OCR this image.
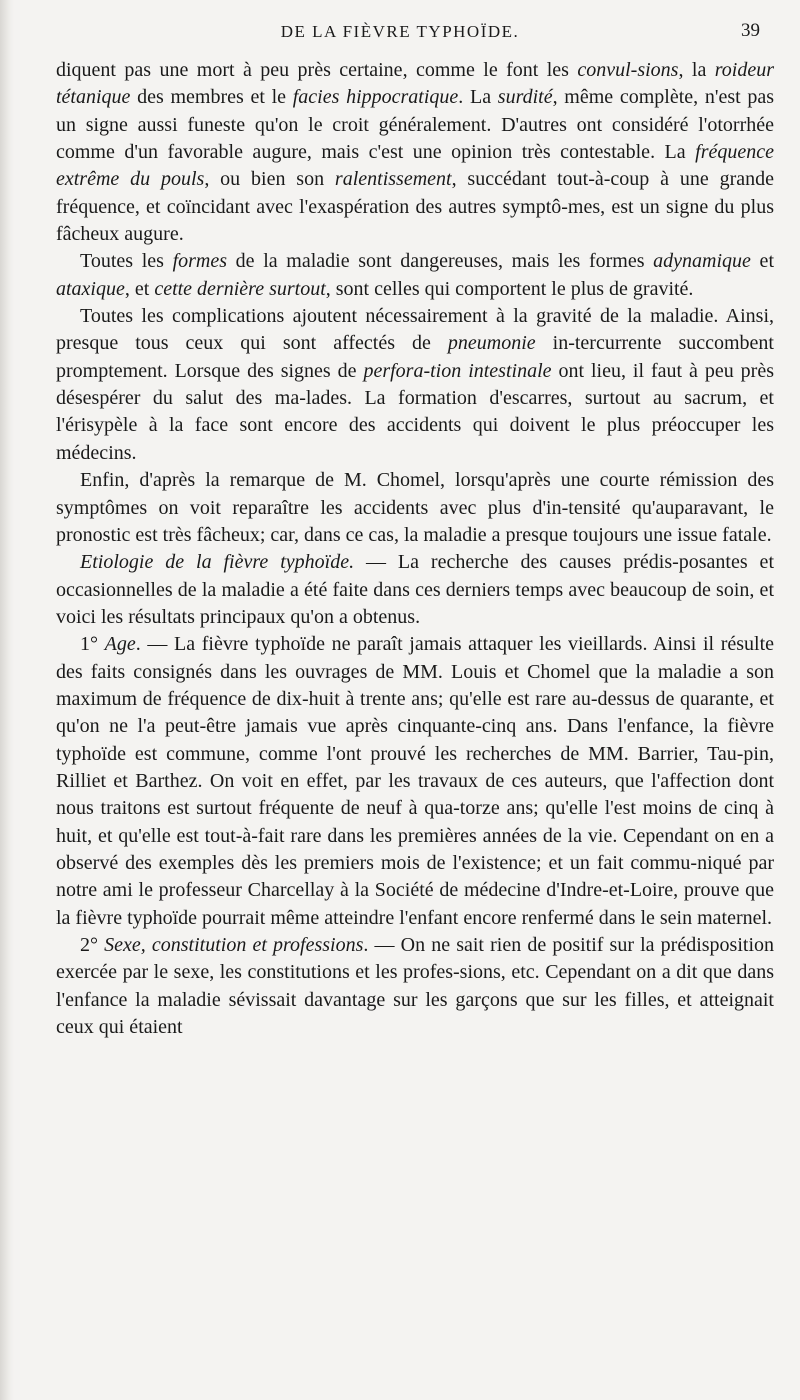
DE LA FIÈVRE TYPHOÏDE.	39

diquent pas une mort à peu près certaine, comme le font les convul-sions, la roideur tétanique des membres et le facies hippocratique. La surdité, même complète, n'est pas un signe aussi funeste qu'on le croit généralement. D'autres ont considéré l'otorrhée comme d'un favorable augure, mais c'est une opinion très contestable. La fréquence extrême du pouls, ou bien son ralentissement, succédant tout-à-coup à une grande fréquence, et coïncidant avec l'exaspération des autres symptô-mes, est un signe du plus fâcheux augure.

Toutes les formes de la maladie sont dangereuses, mais les formes adynamique et ataxique, et cette dernière surtout, sont celles qui comportent le plus de gravité.

Toutes les complications ajoutent nécessairement à la gravité de la maladie. Ainsi, presque tous ceux qui sont affectés de pneumonie in-tercurrente succombent promptement. Lorsque des signes de perfora-tion intestinale ont lieu, il faut à peu près désespérer du salut des ma-lades. La formation d'escarres, surtout au sacrum, et l'érisypèle à la face sont encore des accidents qui doivent le plus préoccuper les médecins.

Enfin, d'après la remarque de M. Chomel, lorsqu'après une courte rémission des symptômes on voit reparaître les accidents avec plus d'in-tensité qu'auparavant, le pronostic est très fâcheux; car, dans ce cas, la maladie a presque toujours une issue fatale.

Etiologie de la fièvre typhoïde. — La recherche des causes prédis-posantes et occasionnelles de la maladie a été faite dans ces derniers temps avec beaucoup de soin, et voici les résultats principaux qu'on a obtenus.

1° Age. — La fièvre typhoïde ne paraît jamais attaquer les vieillards. Ainsi il résulte des faits consignés dans les ouvrages de MM. Louis et Chomel que la maladie a son maximum de fréquence de dix-huit à trente ans; qu'elle est rare au-dessus de quarante, et qu'on ne l'a peut-être jamais vue après cinquante-cinq ans. Dans l'enfance, la fièvre typhoïde est commune, comme l'ont prouvé les recherches de MM. Barrier, Tau-pin, Rilliet et Barthez. On voit en effet, par les travaux de ces auteurs, que l'affection dont nous traitons est surtout fréquente de neuf à qua-torze ans; qu'elle l'est moins de cinq à huit, et qu'elle est tout-à-fait rare dans les premières années de la vie. Cependant on en a observé des exemples dès les premiers mois de l'existence; et un fait commu-niqué par notre ami le professeur Charcellay à la Société de médecine d'Indre-et-Loire, prouve que la fièvre typhoïde pourrait même atteindre l'enfant encore renfermé dans le sein maternel.

2° Sexe, constitution et professions. — On ne sait rien de positif sur la prédisposition exercée par le sexe, les constitutions et les profes-sions, etc. Cependant on a dit que dans l'enfance la maladie sévissait davantage sur les garçons que sur les filles, et atteignait ceux qui étaient
